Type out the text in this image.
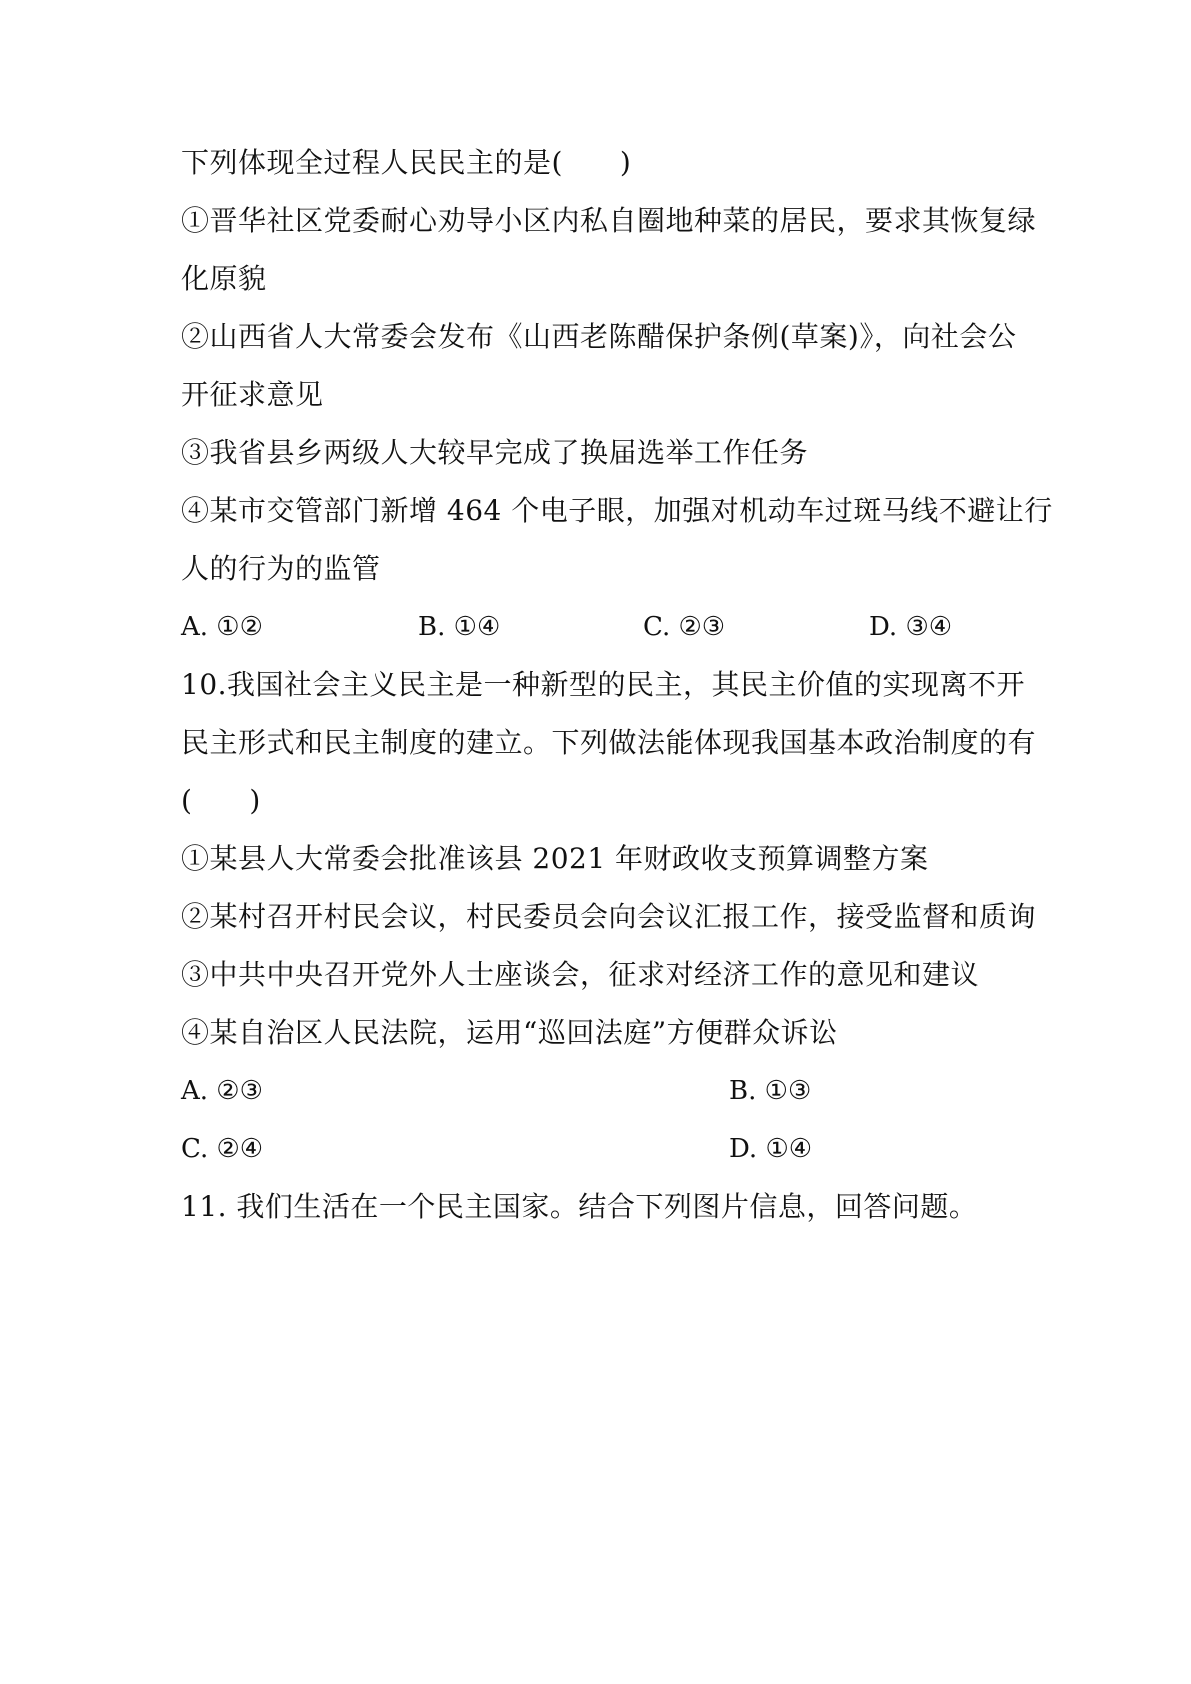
下列体现全过程人民民主的是(　　)
①晋华社区党委耐心劝导小区内私自圈地种菜的居民，要求其恢复绿
化原貌
②山西省人大常委会发布《山西老陈醋保护条例(草案)》，向社会公
开征求意见
③我省县乡两级人大较早完成了换届选举工作任务
④某市交管部门新增 464 个电子眼，加强对机动车过斑马线不避让行
人的行为的监管
A. ①②	B. ①④	C. ②③	D. ③④
10.我国社会主义民主是一种新型的民主，其民主价值的实现离不开
民主形式和民主制度的建立。下列做法能体现我国基本政治制度的有
(　　)
①某县人大常委会批准该县 2021 年财政收支预算调整方案
②某村召开村民会议，村民委员会向会议汇报工作，接受监督和质询
③中共中央召开党外人士座谈会，征求对经济工作的意见和建议
④某自治区人民法院，运用“巡回法庭”方便群众诉讼
A. ②③	B. ①③
C. ②④	D. ①④
11. 我们生活在一个民主国家。结合下列图片信息，回答问题。
